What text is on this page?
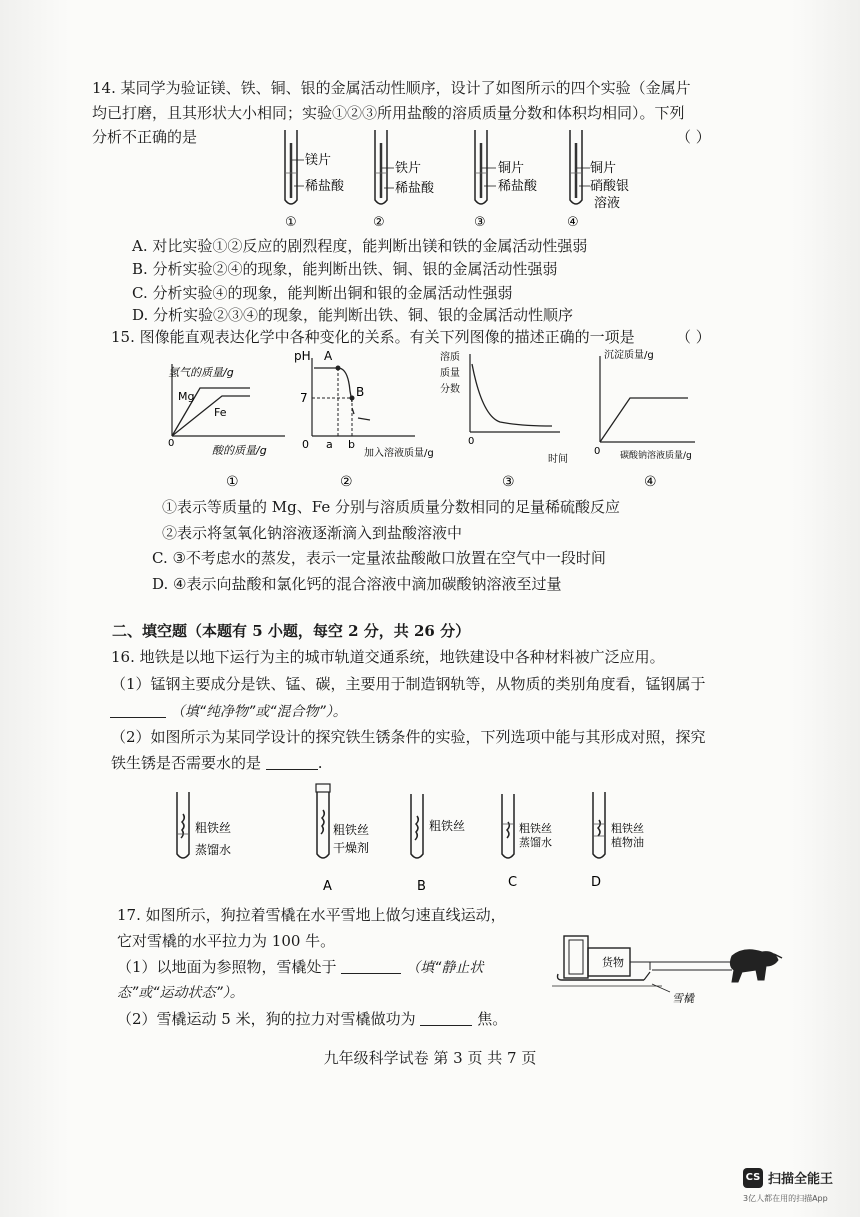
14. 某同学为验证镁、铁、铜、银的金属活动性顺序，设计了如图所示的四个实验（金属片
均已打磨，且其形状大小相同；实验①②③所用盐酸的溶质质量分数和体积均相同）。下列
分析不正确的是	（ ）
镁片
稀盐酸
①
铁片
稀盐酸
②
铜片
稀盐酸
③
铜片
硝酸银
溶液
④
A. 对比实验①②反应的剧烈程度，能判断出镁和铁的金属活动性强弱
B. 分析实验②④的现象，能判断出铁、铜、银的金属活动性强弱
C. 分析实验④的现象，能判断出铜和银的金属活动性强弱
D. 分析实验②③④的现象，能判断出铁、铜、银的金属活动性顺序
15. 图像能直观表达化学中各种变化的关系。有关下列图像的描述正确的一项是	（ ）
氢气的质量/g
Mg
Fe
0
酸的质量/g
①
pH A
B
7
0 a b
加入溶液质量/g
②
溶质
质量
分数
0
时间
③
沉淀质量/g
0 碳酸钠溶液质量/g
④
①表示等质量的 Mg、Fe 分别与溶质质量分数相同的足量稀硫酸反应
②表示将氢氧化钠溶液逐渐滴入到盐酸溶液中
C. ③不考虑水的蒸发，表示一定量浓盐酸敞口放置在空气中一段时间
D. ④表示向盐酸和氯化钙的混合溶液中滴加碳酸钠溶液至过量
二、填空题（本题有 5 小题，每空 2 分，共 26 分）
16. 地铁是以地下运行为主的城市轨道交通系统，地铁建设中各种材料被广泛应用。
（1）锰钢主要成分是铁、锰、碳，主要用于制造钢轨等，从物质的类别角度看，锰钢属于
（填“纯净物”或“混合物”）。
（2）如图所示为某同学设计的探究铁生锈条件的实验，下列选项中能与其形成对照，探究
铁生锈是否需要水的是	.
粗铁丝
蒸馏水
粗铁丝
干燥剂
A
粗铁丝
B
粗铁丝
蒸馏水
C
粗铁丝
植物油
D
17. 如图所示，狗拉着雪橇在水平雪地上做匀速直线运动，
它对雪橇的水平拉力为 100 牛。
（1）以地面为参照物，雪橇处于	（填“静止状
态”或“运动状态”）。
（2）雪橇运动 5 米，狗的拉力对雪橇做功为	焦。
货物
雪橇
九年级科学试卷 第 3 页 共 7 页
CS 扫描全能王
3亿人都在用的扫描App
